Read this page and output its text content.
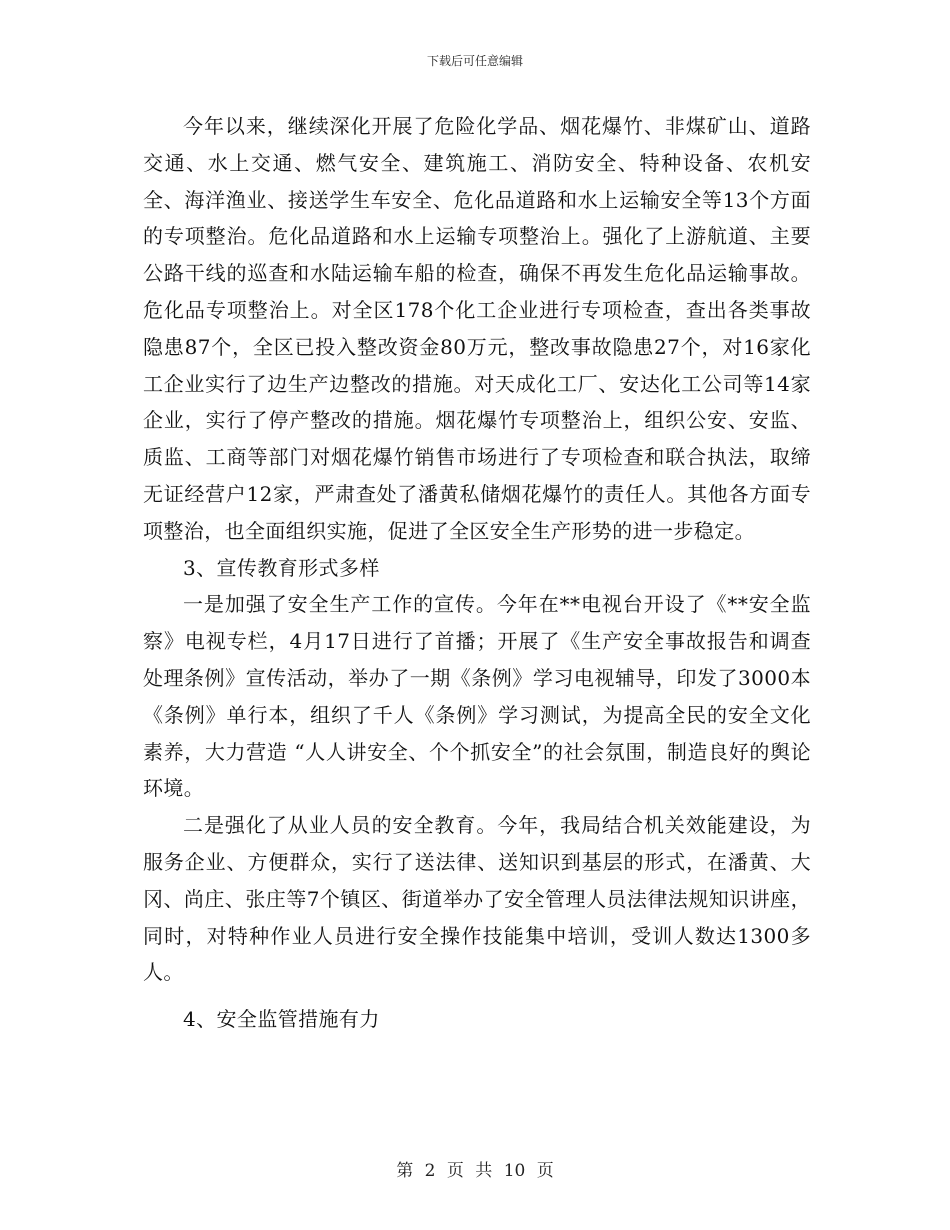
下载后可任意编辑

今年以来，继续深化开展了危险化学品、烟花爆竹、非煤矿山、道路交通、水上交通、燃气安全、建筑施工、消防安全、特种设备、农机安全、海洋渔业、接送学生车安全、危化品道路和水上运输安全等13个方面的专项整治。危化品道路和水上运输专项整治上。强化了上游航道、主要公路干线的巡查和水陆运输车船的检查，确保不再发生危化品运输事故。危化品专项整治上。对全区178个化工企业进行专项检查，查出各类事故隐患87个，全区已投入整改资金80万元，整改事故隐患27个，对16家化工企业实行了边生产边整改的措施。对天成化工厂、安达化工公司等14家企业，实行了停产整改的措施。烟花爆竹专项整治上，组织公安、安监、质监、工商等部门对烟花爆竹销售市场进行了专项检查和联合执法，取缔无证经营户12家，严肃查处了潘黄私储烟花爆竹的责任人。其他各方面专项整治，也全面组织实施，促进了全区安全生产形势的进一步稳定。

3、宣传教育形式多样

一是加强了安全生产工作的宣传。今年在**电视台开设了《**安全监察》电视专栏，4月17日进行了首播；开展了《生产安全事故报告和调查处理条例》宣传活动，举办了一期《条例》学习电视辅导，印发了3000本《条例》单行本，组织了千人《条例》学习测试，为提高全民的安全文化素养，大力营造 “人人讲安全、个个抓安全”的社会氛围，制造良好的舆论环境。

二是强化了从业人员的安全教育。今年，我局结合机关效能建设，为服务企业、方便群众，实行了送法律、送知识到基层的形式，在潘黄、大冈、尚庄、张庄等7个镇区、街道举办了安全管理人员法律法规知识讲座，同时，对特种作业人员进行安全操作技能集中培训，受训人数达1300多人。

4、安全监管措施有力

第 2 页 共 10 页
